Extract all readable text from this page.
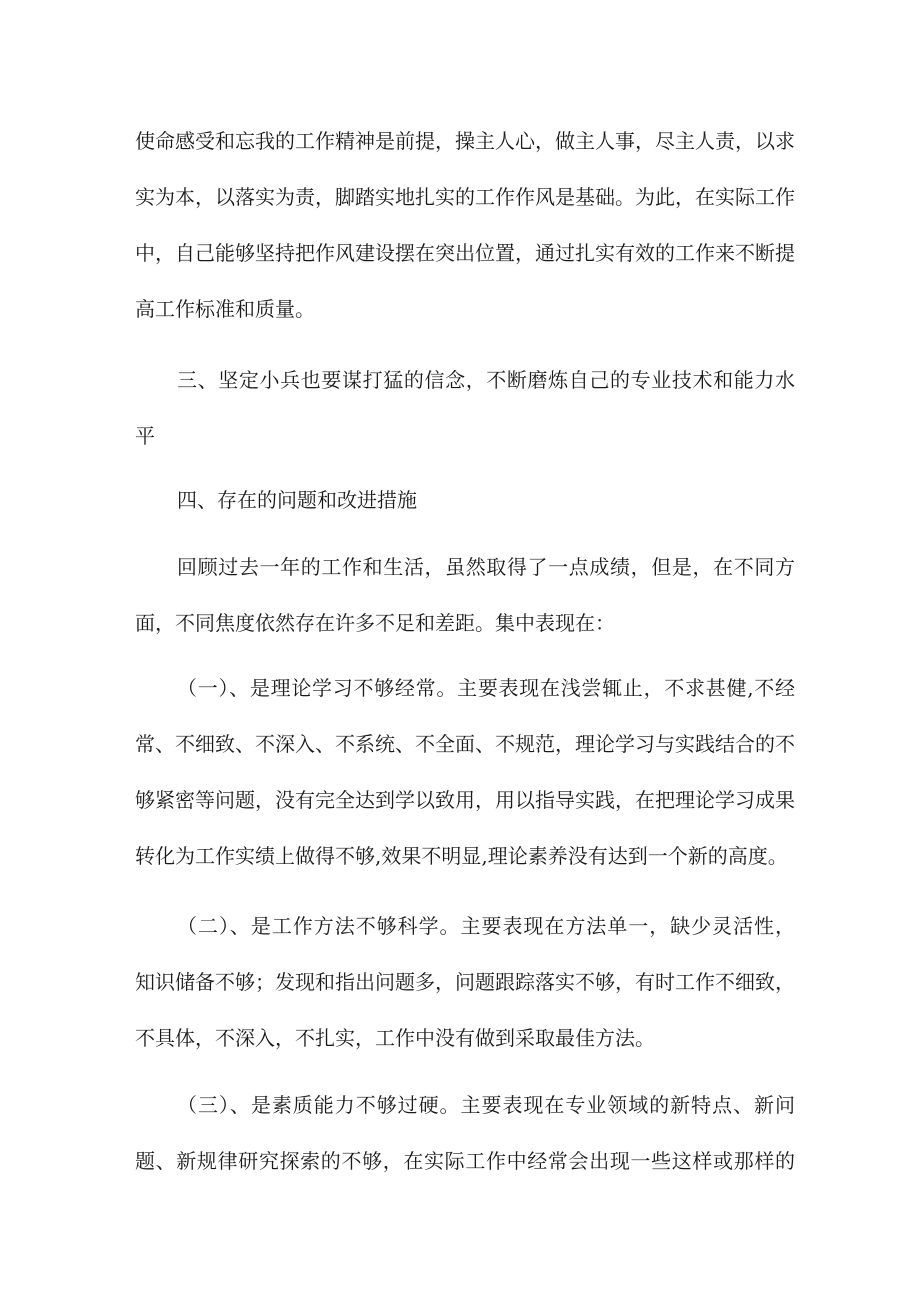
使命感受和忘我的工作精神是前提，操主人心，做主人事，尽主人责，以求
实为本，以落实为责，脚踏实地扎实的工作作风是基础。为此，在实际工作
中，自己能够坚持把作风建设摆在突出位置，通过扎实有效的工作来不断提
高工作标准和质量。
三、坚定小兵也要谋打猛的信念，不断磨炼自己的专业技术和能力水
平
四、存在的问题和改进措施
回顾过去一年的工作和生活，虽然取得了一点成绩，但是，在不同方
面，不同焦度依然存在许多不足和差距。集中表现在：
（一）、是理论学习不够经常。主要表现在浅尝辄止，不求甚健,不经
常、不细致、不深入、不系统、不全面、不规范，理论学习与实践结合的不
够紧密等问题，没有完全达到学以致用，用以指导实践，在把理论学习成果
转化为工作实绩上做得不够,效果不明显,理论素养没有达到一个新的高度。
（二）、是工作方法不够科学。主要表现在方法单一，缺少灵活性，
知识储备不够；发现和指出问题多，问题跟踪落实不够，有时工作不细致，
不具体，不深入，不扎实，工作中没有做到采取最佳方法。
（三）、是素质能力不够过硬。主要表现在专业领域的新特点、新问
题、新规律研究探索的不够，在实际工作中经常会出现一些这样或那样的
